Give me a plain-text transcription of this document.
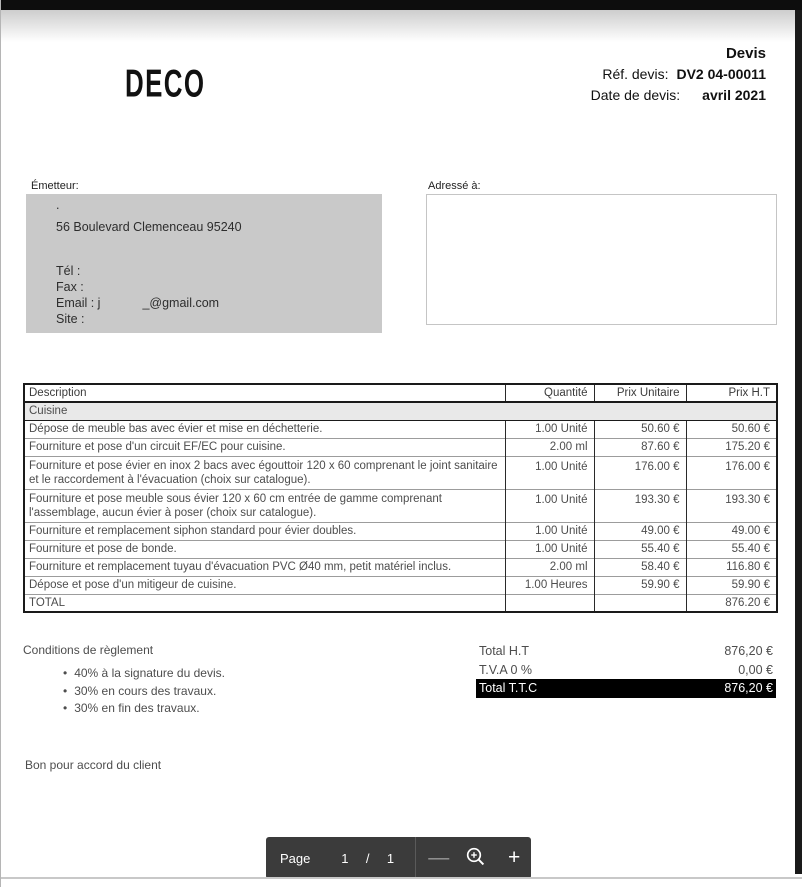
DECO
Devis
Réf. devis: DV2 04-00011
Date de devis: avril 2021
Émetteur:
.
56 Boulevard Clemenceau 95240
Tél :
Fax :
Email : j	_@gmail.com
Site :
Adressé à:
Description	Quantité	Prix Unitaire	Prix H.T
Cuisine			
Dépose de meuble bas avec évier et mise en déchetterie.	1.00 Unité	50.60 €	50.60 €
Fourniture et pose d'un circuit EF/EC pour cuisine.	2.00 ml	87.60 €	175.20 €
Fourniture et pose évier en inox 2 bacs avec égouttoir 120 x 60 comprenant le joint sanitaire et le raccordement à l'évacuation (choix sur catalogue).	1.00 Unité	176.00 €	176.00 €
Fourniture et pose meuble sous évier 120 x 60 cm entrée de gamme comprenant l'assemblage, aucun évier à poser (choix sur catalogue).	1.00 Unité	193.30 €	193.30 €
Fourniture et remplacement siphon standard pour évier doubles.	1.00 Unité	49.00 €	49.00 €
Fourniture et pose de bonde.	1.00 Unité	55.40 €	55.40 €
Fourniture et remplacement tuyau d'évacuation PVC Ø40 mm, petit matériel inclus.	2.00 ml	58.40 €	116.80 €
Dépose et pose d'un mitigeur de cuisine.	1.00 Heures	59.90 €	59.90 €
TOTAL			876.20 €
Conditions de règlement
• 40% à la signature du devis.
• 30% en cours des travaux.
• 30% en fin des travaux.
Total H.T	876,20 €
T.V.A 0 %	0,00 €
Total T.T.C	876,20 €
Bon pour accord du client
Page	1	/	1	—	+
